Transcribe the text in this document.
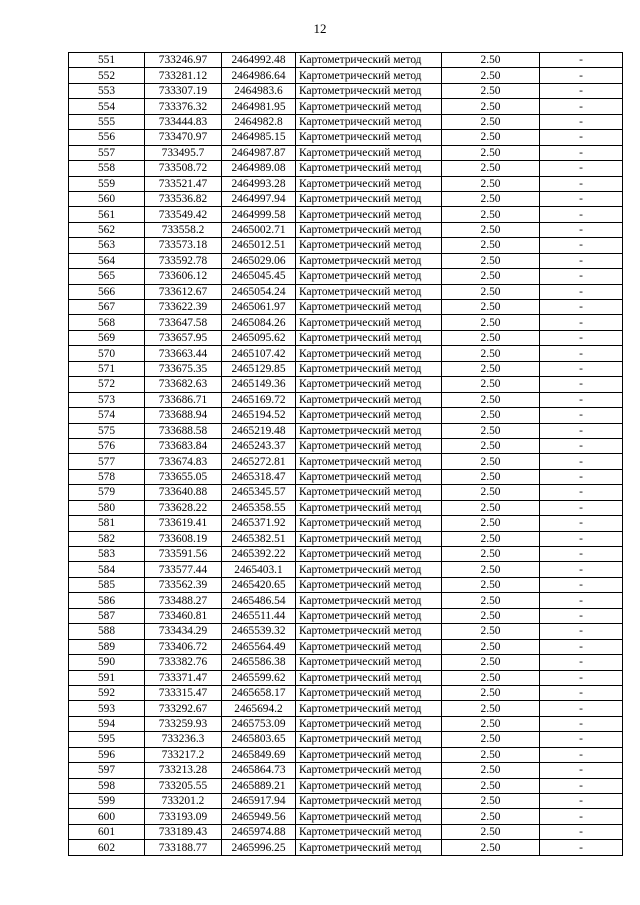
12
551	733246.97	2464992.48	Картометрический метод	2.50	-
552	733281.12	2464986.64	Картометрический метод	2.50	-
553	733307.19	2464983.6	Картометрический метод	2.50	-
554	733376.32	2464981.95	Картометрический метод	2.50	-
555	733444.83	2464982.8	Картометрический метод	2.50	-
556	733470.97	2464985.15	Картометрический метод	2.50	-
557	733495.7	2464987.87	Картометрический метод	2.50	-
558	733508.72	2464989.08	Картометрический метод	2.50	-
559	733521.47	2464993.28	Картометрический метод	2.50	-
560	733536.82	2464997.94	Картометрический метод	2.50	-
561	733549.42	2464999.58	Картометрический метод	2.50	-
562	733558.2	2465002.71	Картометрический метод	2.50	-
563	733573.18	2465012.51	Картометрический метод	2.50	-
564	733592.78	2465029.06	Картометрический метод	2.50	-
565	733606.12	2465045.45	Картометрический метод	2.50	-
566	733612.67	2465054.24	Картометрический метод	2.50	-
567	733622.39	2465061.97	Картометрический метод	2.50	-
568	733647.58	2465084.26	Картометрический метод	2.50	-
569	733657.95	2465095.62	Картометрический метод	2.50	-
570	733663.44	2465107.42	Картометрический метод	2.50	-
571	733675.35	2465129.85	Картометрический метод	2.50	-
572	733682.63	2465149.36	Картометрический метод	2.50	-
573	733686.71	2465169.72	Картометрический метод	2.50	-
574	733688.94	2465194.52	Картометрический метод	2.50	-
575	733688.58	2465219.48	Картометрический метод	2.50	-
576	733683.84	2465243.37	Картометрический метод	2.50	-
577	733674.83	2465272.81	Картометрический метод	2.50	-
578	733655.05	2465318.47	Картометрический метод	2.50	-
579	733640.88	2465345.57	Картометрический метод	2.50	-
580	733628.22	2465358.55	Картометрический метод	2.50	-
581	733619.41	2465371.92	Картометрический метод	2.50	-
582	733608.19	2465382.51	Картометрический метод	2.50	-
583	733591.56	2465392.22	Картометрический метод	2.50	-
584	733577.44	2465403.1	Картометрический метод	2.50	-
585	733562.39	2465420.65	Картометрический метод	2.50	-
586	733488.27	2465486.54	Картометрический метод	2.50	-
587	733460.81	2465511.44	Картометрический метод	2.50	-
588	733434.29	2465539.32	Картометрический метод	2.50	-
589	733406.72	2465564.49	Картометрический метод	2.50	-
590	733382.76	2465586.38	Картометрический метод	2.50	-
591	733371.47	2465599.62	Картометрический метод	2.50	-
592	733315.47	2465658.17	Картометрический метод	2.50	-
593	733292.67	2465694.2	Картометрический метод	2.50	-
594	733259.93	2465753.09	Картометрический метод	2.50	-
595	733236.3	2465803.65	Картометрический метод	2.50	-
596	733217.2	2465849.69	Картометрический метод	2.50	-
597	733213.28	2465864.73	Картометрический метод	2.50	-
598	733205.55	2465889.21	Картометрический метод	2.50	-
599	733201.2	2465917.94	Картометрический метод	2.50	-
600	733193.09	2465949.56	Картометрический метод	2.50	-
601	733189.43	2465974.88	Картометрический метод	2.50	-
602	733188.77	2465996.25	Картометрический метод	2.50	-
